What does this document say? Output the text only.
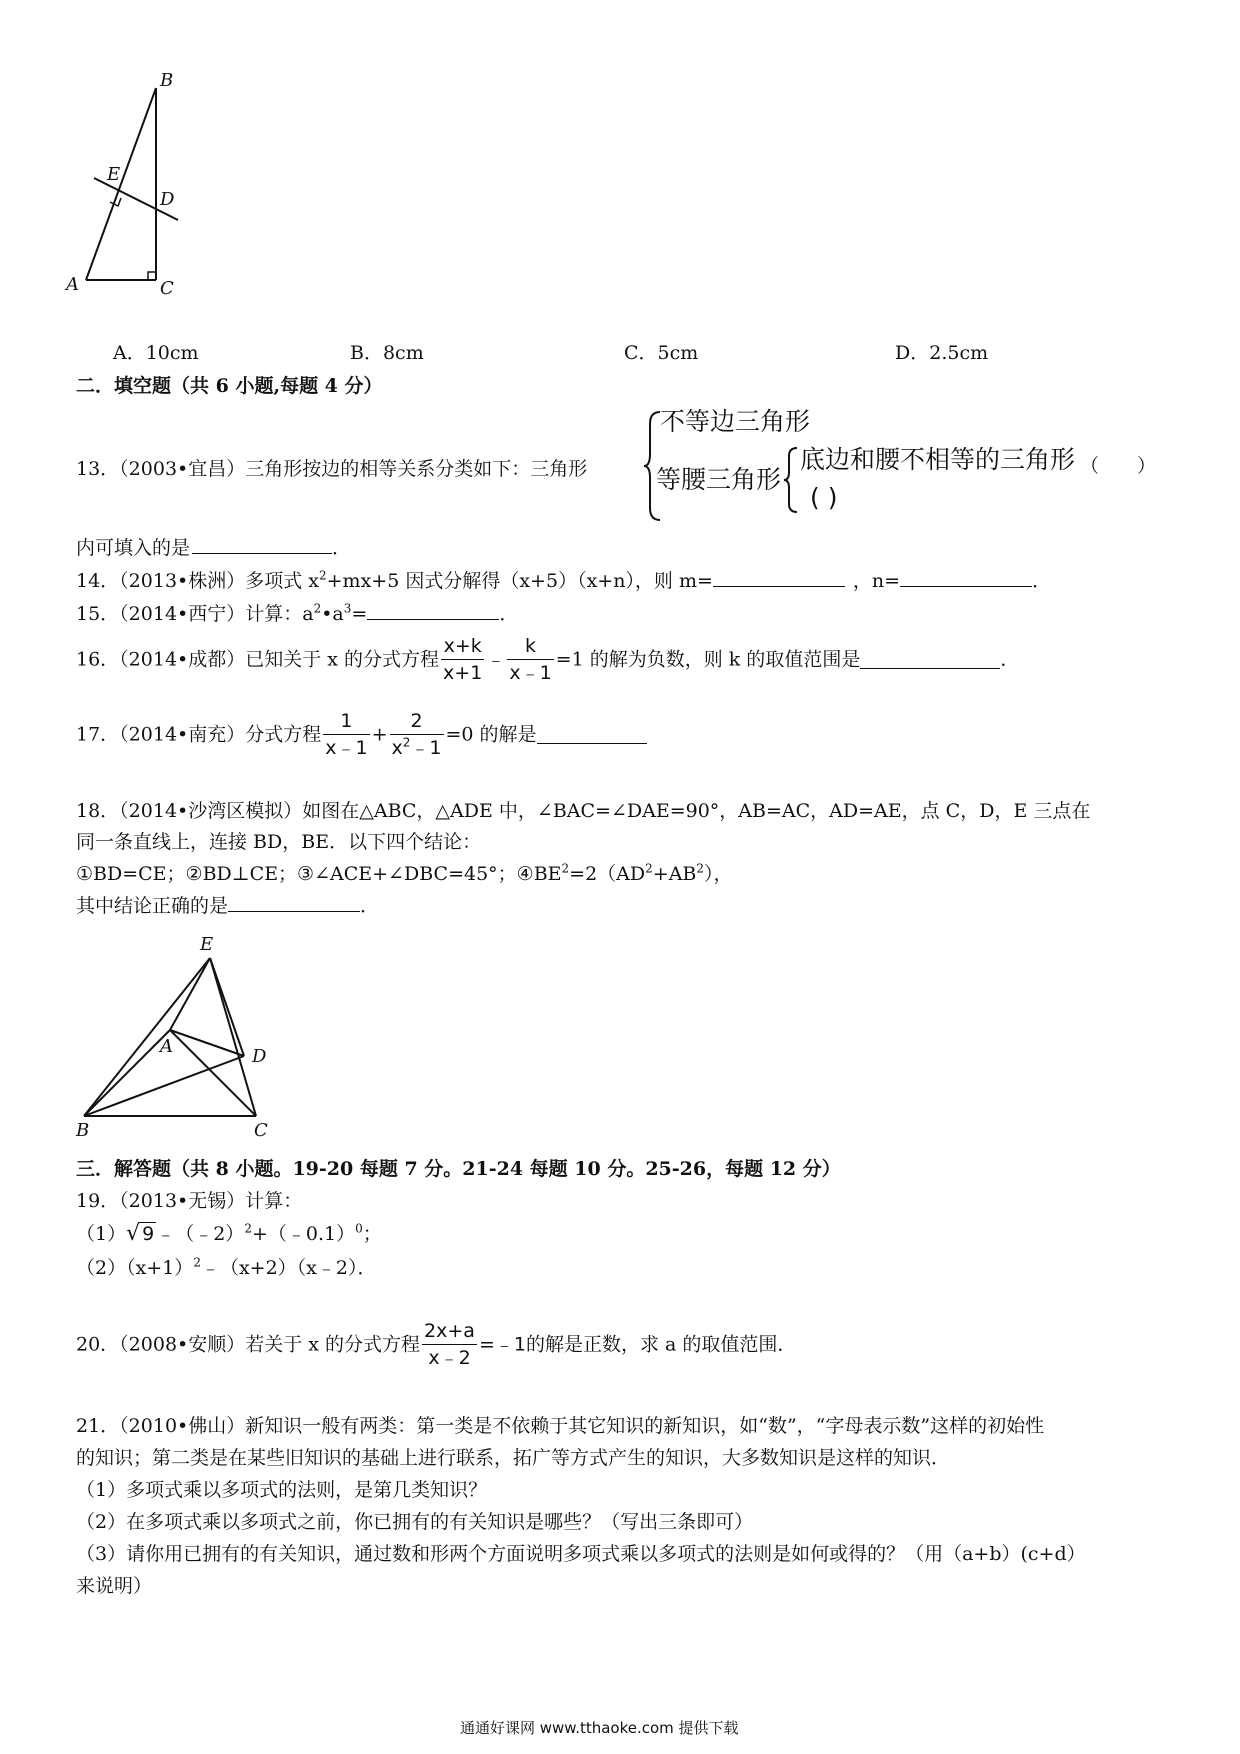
B
E
D
A	C
A．10cm	B．8cm	C．5cm	D．2.5cm
二．填空题（共 6 小题,每题 4 分）
13．（2003•宜昌）三角形按边的相等关系分类如下：三角形
不等边三角形
等腰三角形
底边和腰不相等的三角形 （　　）
( )
内可填入的是	．
14．（2013•株洲）多项式 $x^2+mx+5$ 因式分解得（x+5）（x+n），则 m=	，n=	．
15．（2014•西宁）计算：$a^2•a^3=$	．
16．（2014•成都）已知关于 x 的分式方程 $\frac{x+k}{x+1}$ ﹣ $\frac{k}{x﹣1} =1$ 的解为负数，则 k 的取值范围是	．
17．（2014•南充）分式方程 $\frac{1}{x﹣1} + \frac{2}{x^2﹣1} =0$ 的解是
18．（2014•沙湾区模拟）如图在△ABC，△ADE 中，∠BAC=∠DAE=90°，AB=AC，AD=AE，点 C，D，E 三点在
同一条直线上，连接 BD，BE．以下四个结论：
①BD=CE；②BD⊥CE；③∠ACE+∠DBC=45°；$④BE^2=2(AD^2+AB^2)$，
其中结论正确的是	．
E
A	D
B	C
三．解答题（共 8 小题。19-20 每题 7 分。21-24 每题 10 分。25-26，每题 12 分）
19．（2013•无锡）计算：
（1）√ 9 ﹣（﹣2）$^2$+（﹣0.1）$^0$；
$(2)(x+1)^2﹣(x+2)(x﹣2)$．
20．（2008•安顺）若关于 x 的分式方程 $\frac{2x+a}{x﹣2}$ =﹣1的解是正数，求 a 的取值范围．
21．（2010•佛山）新知识一般有两类：第一类是不依赖于其它知识的新知识，如“数”，“字母表示数”这样的初始性
的知识；第二类是在某些旧知识的基础上进行联系，拓广等方式产生的知识，大多数知识是这样的知识．
（1）多项式乘以多项式的法则，是第几类知识？
（2）在多项式乘以多项式之前，你已拥有的有关知识是哪些？（写出三条即可）
（3）请你用已拥有的有关知识，通过数和形两个方面说明多项式乘以多项式的法则是如何或得的？（用（a+b）(c+d）
来说明）
通通好课网 www.tthaoke.com 提供下载
